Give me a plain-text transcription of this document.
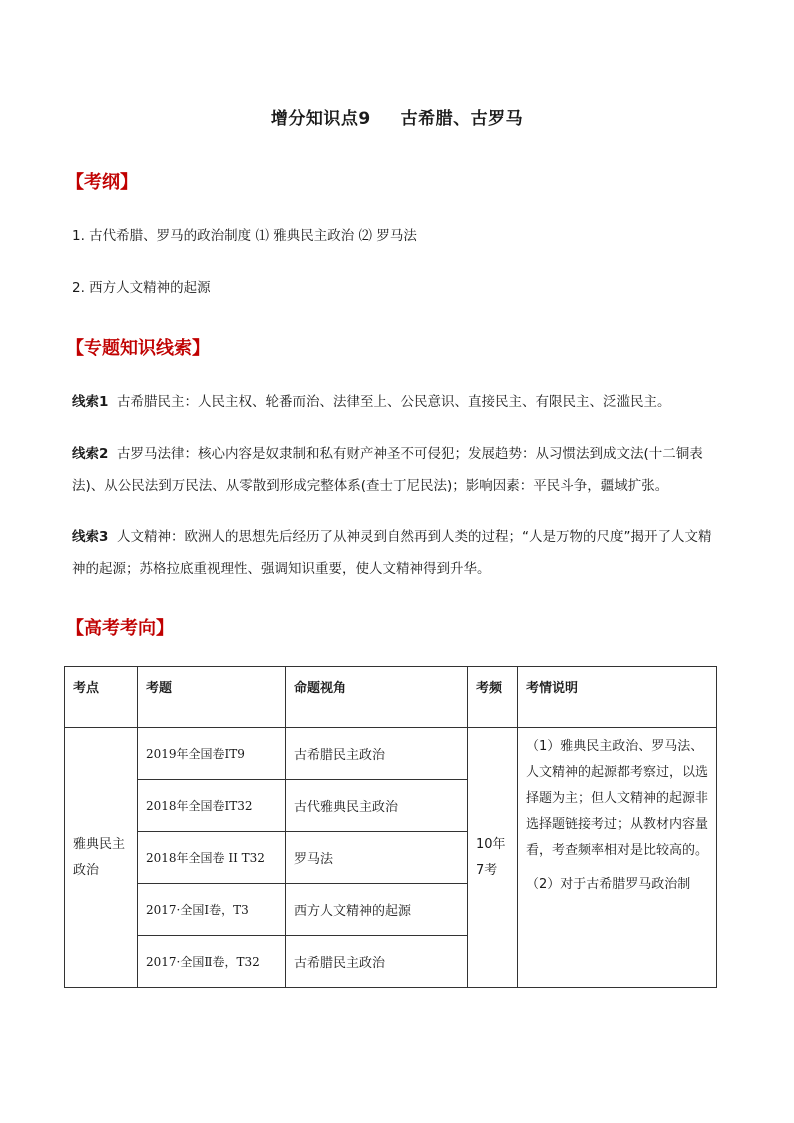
增分知识点9 古希腊、古罗马
【考纲】
1. 古代希腊、罗马的政治制度 ⑴ 雅典民主政治 ⑵ 罗马法
2. 西方人文精神的起源
【专题知识线索】
线索1 古希腊民主：人民主权、轮番而治、法律至上、公民意识、直接民主、有限民主、泛滥民主。
线索2 古罗马法律：核心内容是奴隶制和私有财产神圣不可侵犯；发展趋势：从习惯法到成文法(十二铜表法)、从公民法到万民法、从零散到形成完整体系(查士丁尼民法)；影响因素：平民斗争，疆域扩张。
线索3 人文精神：欧洲人的思想先后经历了从神灵到自然再到人类的过程；“人是万物的尺度”揭开了人文精神的起源；苏格拉底重视理性、强调知识重要，使人文精神得到升华。
【高考考向】
考点	考题	命题视角	考频	考情说明
雅典民主政治	2019年全国卷ⅠT9	古希腊民主政治	10年7考	（1）雅典民主政治、罗马法、人文精神的起源都考察过，以选择题为主；但人文精神的起源非选择题链接考过；从教材内容量看，考查频率相对是比较高的。

（2）对于古希腊罗马政治制

	2018年全国卷ⅠT32	古代雅典民主政治		
	2018年全国卷 II T32	罗马法		
	2017·全国Ⅰ卷，T3	西方人文精神的起源		
	2017·全国Ⅱ卷，T32	古希腊民主政治		
